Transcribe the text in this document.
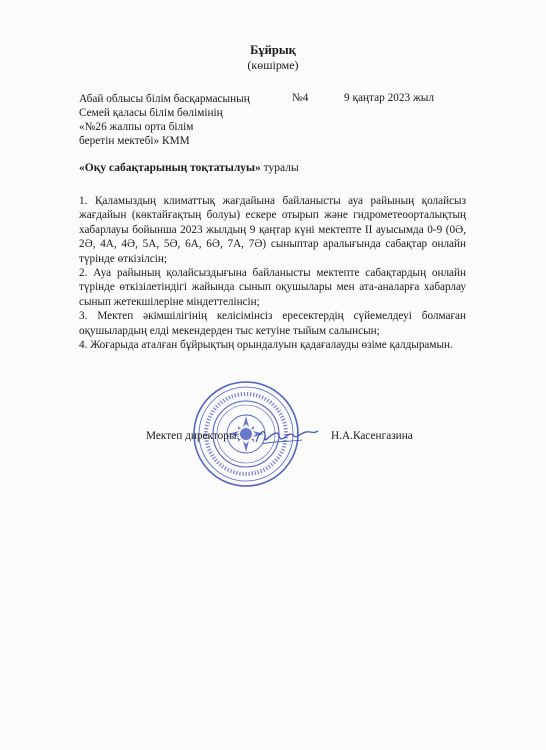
Бұйрық
(көшірме)
Абай облысы білім басқармасының
Семей қаласы білім бөлімінің
«№26 жалпы орта білім
беретін мектебі» КММ
№4	9 қаңтар 2023 жыл
«Оқу сабақтарының тоқтатылуы» туралы

1. Қаламыздың климаттық жағдайына байланысты ауа райының қолайсыз жағдайын (көктайғақтың болуы) ескере отырып және гидрометеоорталықтың хабарлауы бойынша 2023 жылдың 9 қаңтар күні мектепте ІІ ауысымда 0-9 (0Ә, 2Ә, 4А, 4Ә, 5А, 5Ә, 6А, 6Ә, 7А, 7Ә) сыныптар аралығында сабақтар онлайн түрінде өткізілсін;

2. Ауа райының қолайсыздығына байланысты мектепте сабақтардың онлайн түрінде өткізілетіндігі жайында сынып оқушылары мен ата-аналарға хабарлау сынып жетекшілеріне міндеттелінсін;

3. Мектеп әкімшілігінің келісімінсіз ересектердің сүйемелдеуі болмаған оқушылардың елді мекендерден тыс кетуіне тыйым салынсын;

4. Жоғарыда аталған бұйрықтың орындалуын қадағалауды өзіме қалдырамын.

Мектеп директоры:	Н.А.Касенгазина
